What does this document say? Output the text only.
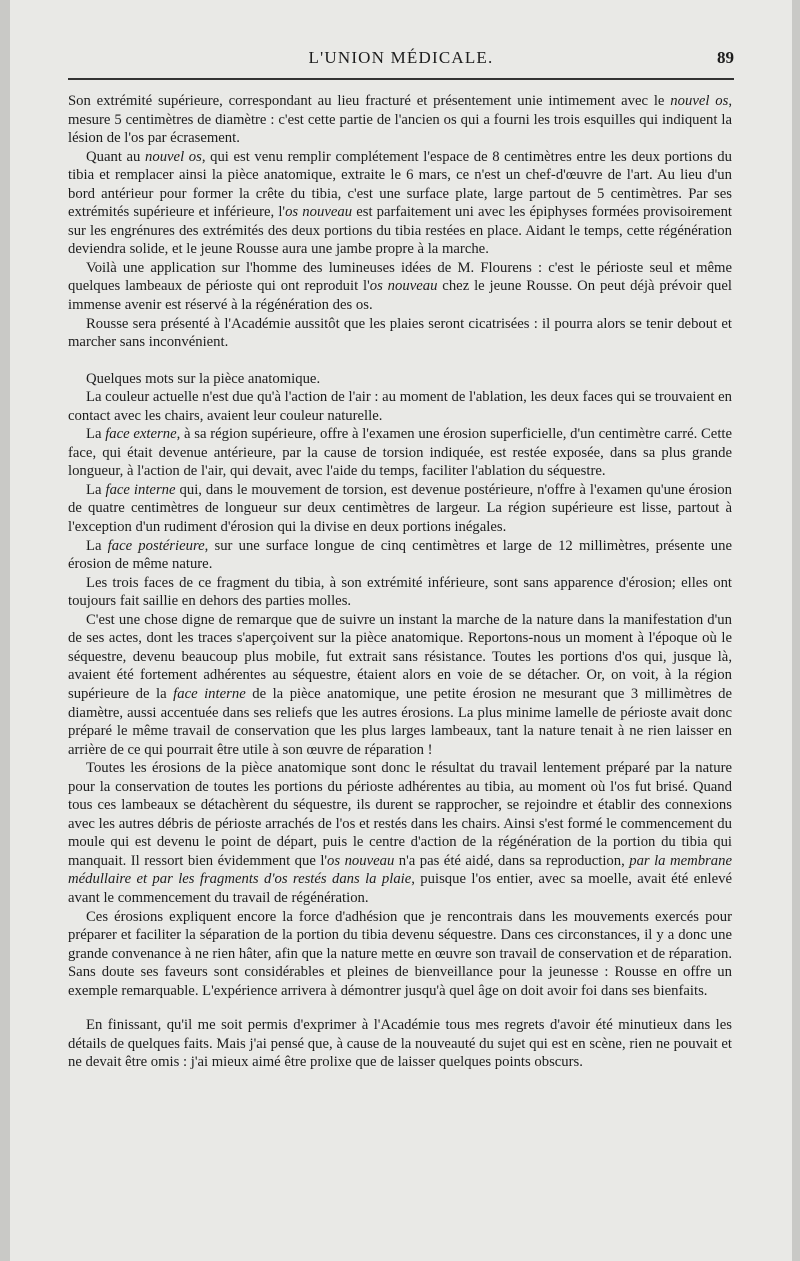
L'UNION MÉDICALE.	89

Son extrémité supérieure, correspondant au lieu fracturé et présentement unie intimement avec le nouvel os, mesure 5 centimètres de diamètre : c'est cette partie de l'ancien os qui a fourni les trois esquilles qui indiquent la lésion de l'os par écrasement.

Quant au nouvel os, qui est venu remplir complétement l'espace de 8 centimètres entre les deux portions du tibia et remplacer ainsi la pièce anatomique, extraite le 6 mars, ce n'est un chef-d'œuvre de l'art. Au lieu d'un bord antérieur pour former la crête du tibia, c'est une surface plate, large partout de 5 centimètres. Par ses extrémités supérieure et inférieure, l'os nouveau est parfaitement uni avec les épiphyses formées provisoirement sur les engrénures des extrémités des deux portions du tibia restées en place. Aidant le temps, cette régénération deviendra solide, et le jeune Rousse aura une jambe propre à la marche.

Voilà une application sur l'homme des lumineuses idées de M. Flourens : c'est le périoste seul et même quelques lambeaux de périoste qui ont reproduit l'os nouveau chez le jeune Rousse. On peut déjà prévoir quel immense avenir est réservé à la régénération des os.

Rousse sera présenté à l'Académie aussitôt que les plaies seront cicatrisées : il pourra alors se tenir debout et marcher sans inconvénient.

Quelques mots sur la pièce anatomique.

La couleur actuelle n'est due qu'à l'action de l'air : au moment de l'ablation, les deux faces qui se trouvaient en contact avec les chairs, avaient leur couleur naturelle.

La face externe, à sa région supérieure, offre à l'examen une érosion superficielle, d'un centimètre carré. Cette face, qui était devenue antérieure, par la cause de torsion indiquée, est restée exposée, dans sa plus grande longueur, à l'action de l'air, qui devait, avec l'aide du temps, faciliter l'ablation du séquestre.

La face interne qui, dans le mouvement de torsion, est devenue postérieure, n'offre à l'examen qu'une érosion de quatre centimètres de longueur sur deux centimètres de largeur. La région supérieure est lisse, partout à l'exception d'un rudiment d'érosion qui la divise en deux portions inégales.

La face postérieure, sur une surface longue de cinq centimètres et large de 12 millimètres, présente une érosion de même nature.

Les trois faces de ce fragment du tibia, à son extrémité inférieure, sont sans apparence d'érosion; elles ont toujours fait saillie en dehors des parties molles.

C'est une chose digne de remarque que de suivre un instant la marche de la nature dans la manifestation d'un de ses actes, dont les traces s'aperçoivent sur la pièce anatomique. Reportons-nous un moment à l'époque où le séquestre, devenu beaucoup plus mobile, fut extrait sans résistance. Toutes les portions d'os qui, jusque là, avaient été fortement adhérentes au séquestre, étaient alors en voie de se détacher. Or, on voit, à la région supérieure de la face interne de la pièce anatomique, une petite érosion ne mesurant que 3 millimètres de diamètre, aussi accentuée dans ses reliefs que les autres érosions. La plus minime lamelle de périoste avait donc préparé le même travail de conservation que les plus larges lambeaux, tant la nature tenait à ne rien laisser en arrière de ce qui pourrait être utile à son œuvre de réparation !

Toutes les érosions de la pièce anatomique sont donc le résultat du travail lentement préparé par la nature pour la conservation de toutes les portions du périoste adhérentes au tibia, au moment où l'os fut brisé. Quand tous ces lambeaux se détachèrent du séquestre, ils durent se rapprocher, se rejoindre et établir des connexions avec les autres débris de périoste arrachés de l'os et restés dans les chairs. Ainsi s'est formé le commencement du moule qui est devenu le point de départ, puis le centre d'action de la régénération de la portion du tibia qui manquait. Il ressort bien évidemment que l'os nouveau n'a pas été aidé, dans sa reproduction, par la membrane médullaire et par les fragments d'os restés dans la plaie, puisque l'os entier, avec sa moelle, avait été enlevé avant le commencement du travail de régénération.

Ces érosions expliquent encore la force d'adhésion que je rencontrais dans les mouvements exercés pour préparer et faciliter la séparation de la portion du tibia devenu séquestre. Dans ces circonstances, il y a donc une grande convenance à ne rien hâter, afin que la nature mette en œuvre son travail de conservation et de réparation. Sans doute ses faveurs sont considérables et pleines de bienveillance pour la jeunesse : Rousse en offre un exemple remarquable. L'expérience arrivera à démontrer jusqu'à quel âge on doit avoir foi dans ses bienfaits.

En finissant, qu'il me soit permis d'exprimer à l'Académie tous mes regrets d'avoir été minutieux dans les détails de quelques faits. Mais j'ai pensé que, à cause de la nouveauté du sujet qui est en scène, rien ne pouvait et ne devait être omis : j'ai mieux aimé être prolixe que de laisser quelques points obscurs.
